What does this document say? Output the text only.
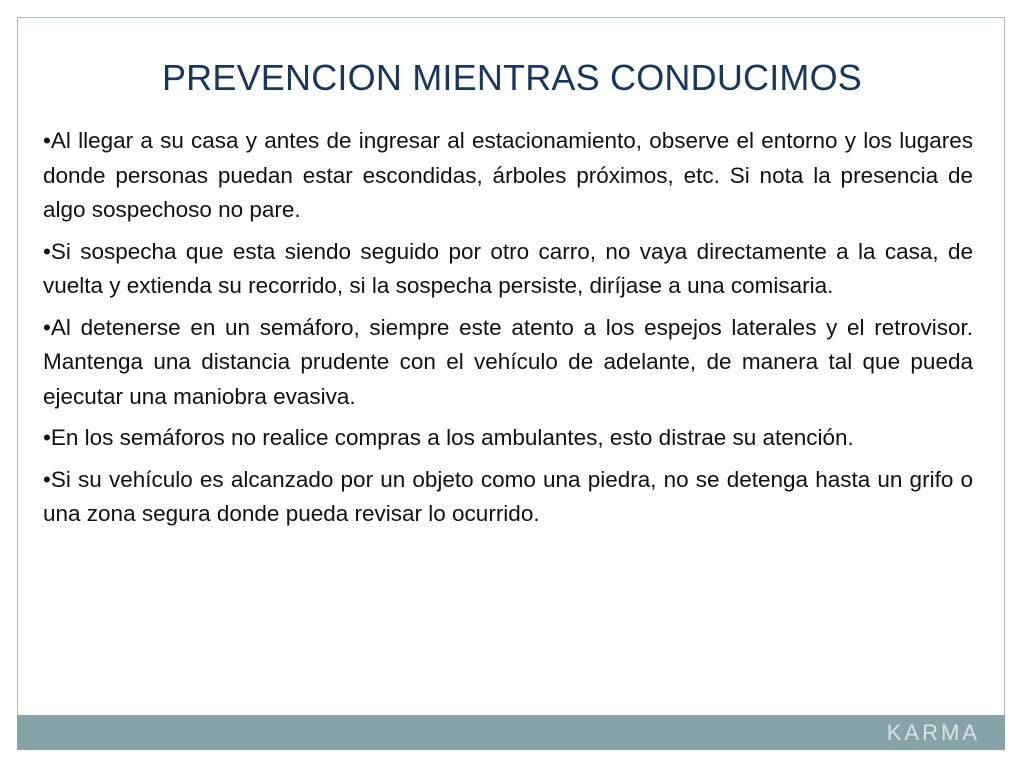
PREVENCION MIENTRAS CONDUCIMOS

•Al llegar a su casa y antes de ingresar al estacionamiento, observe el entorno y los lugares donde personas puedan estar escondidas, árboles próximos, etc. Si nota la presencia de algo sospechoso no pare.

•Si sospecha que esta siendo seguido por otro carro, no vaya directamente a la casa, de vuelta y extienda su recorrido, si la sospecha persiste, diríjase a una comisaria.

•Al detenerse en un semáforo, siempre este atento a los espejos laterales y el retrovisor. Mantenga una distancia prudente con el vehículo de adelante, de manera tal que pueda ejecutar una maniobra evasiva.

•En los semáforos no realice compras a los ambulantes, esto distrae su atención.

•Si su vehículo es alcanzado por un objeto como una piedra, no se detenga hasta un grifo o una zona segura donde pueda revisar lo ocurrido.

KARMA
